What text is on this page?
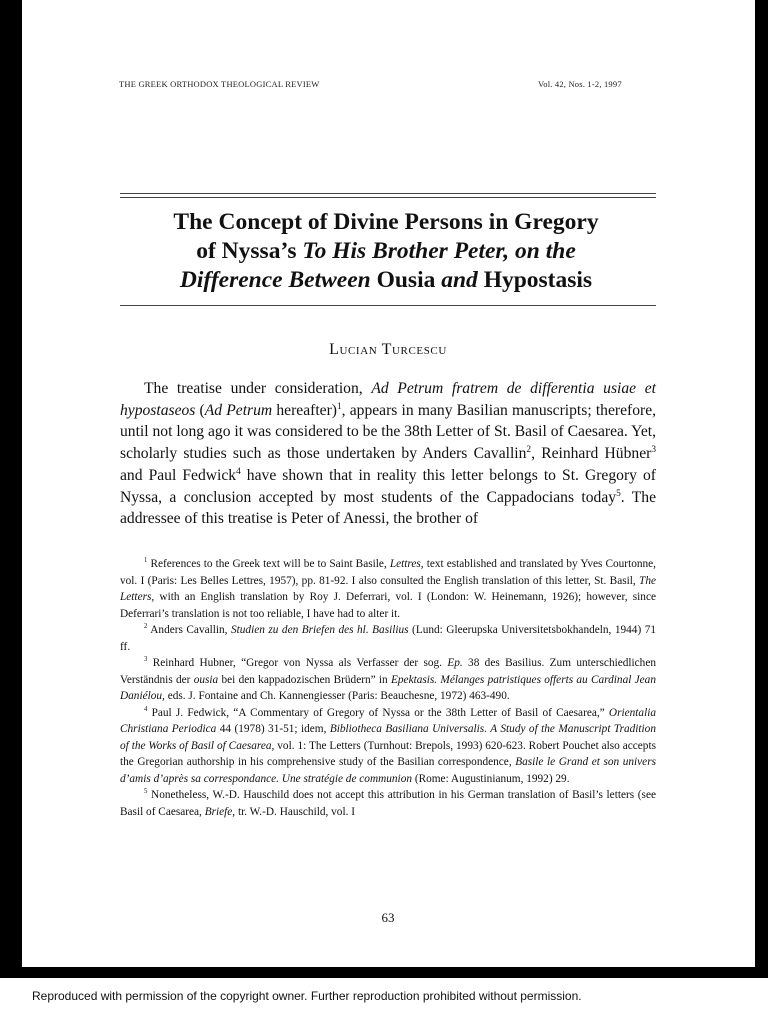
THE GREEK ORTHODOX THEOLOGICAL REVIEW	Vol. 42, Nos. 1-2, 1997
The Concept of Divine Persons in Gregory
of Nyssa’s To His Brother Peter, on the
Difference Between Ousia and Hypostasis
Lucian Turcescu

The treatise under consideration, Ad Petrum fratrem de differentia usiae et hypostaseos (Ad Petrum hereafter)$^1$, appears in many Basilian manuscripts; therefore, until not long ago it was considered to be the 38th Letter of St. Basil of Caesarea. Yet, scholarly studies such as those undertaken by Anders Cavallin$^2$, Reinhard Hübner$^3$ and Paul Fedwick$^4$ have shown that in reality this letter belongs to St. Gregory of Nyssa, a conclusion accepted by most students of the Cappadocians today$^5$. The addressee of this treatise is Peter of Anessi, the brother of

$^1$ References to the Greek text will be to Saint Basile, Lettres, text established and translated by Yves Courtonne, vol. I (Paris: Les Belles Lettres, 1957), pp. 81-92. I also consulted the English translation of this letter, St. Basil, The Letters, with an English translation by Roy J. Deferrari, vol. I (London: W. Heinemann, 1926); however, since Deferrari’s translation is not too reliable, I have had to alter it.

$^2$ Anders Cavallin, Studien zu den Briefen des hl. Basilius (Lund: Gleerupska Universitetsbokhandeln, 1944) 71 ff.

$^3$ Reinhard Hubner, “Gregor von Nyssa als Verfasser der sog. Ep. 38 des Basilius. Zum unterschiedlichen Verständnis der ousia bei den kappadozischen Brüdern” in Epektasis. Mélanges patristiques offerts au Cardinal Jean Daniélou, eds. J. Fontaine and Ch. Kannengiesser (Paris: Beauchesne, 1972) 463-490.

$^4$ Paul J. Fedwick, “A Commentary of Gregory of Nyssa or the 38th Letter of Basil of Caesarea,” Orientalia Christiana Periodica 44 (1978) 31-51; idem, Bibliotheca Basiliana Universalis. A Study of the Manuscript Tradition of the Works of Basil of Caesarea, vol. 1: The Letters (Turnhout: Brepols, 1993) 620-623. Robert Pouchet also accepts the Gregorian authorship in his comprehensive study of the Basilian correspondence, Basile le Grand et son univers d’amis d’après sa correspondance. Une stratégie de communion (Rome: Augustinianum, 1992) 29.

$^5$ Nonetheless, W.-D. Hauschild does not accept this attribution in his German translation of Basil’s letters (see Basil of Caesarea, Briefe, tr. W.-D. Hauschild, vol. I

63
Reproduced with permission of the copyright owner. Further reproduction prohibited without permission.
